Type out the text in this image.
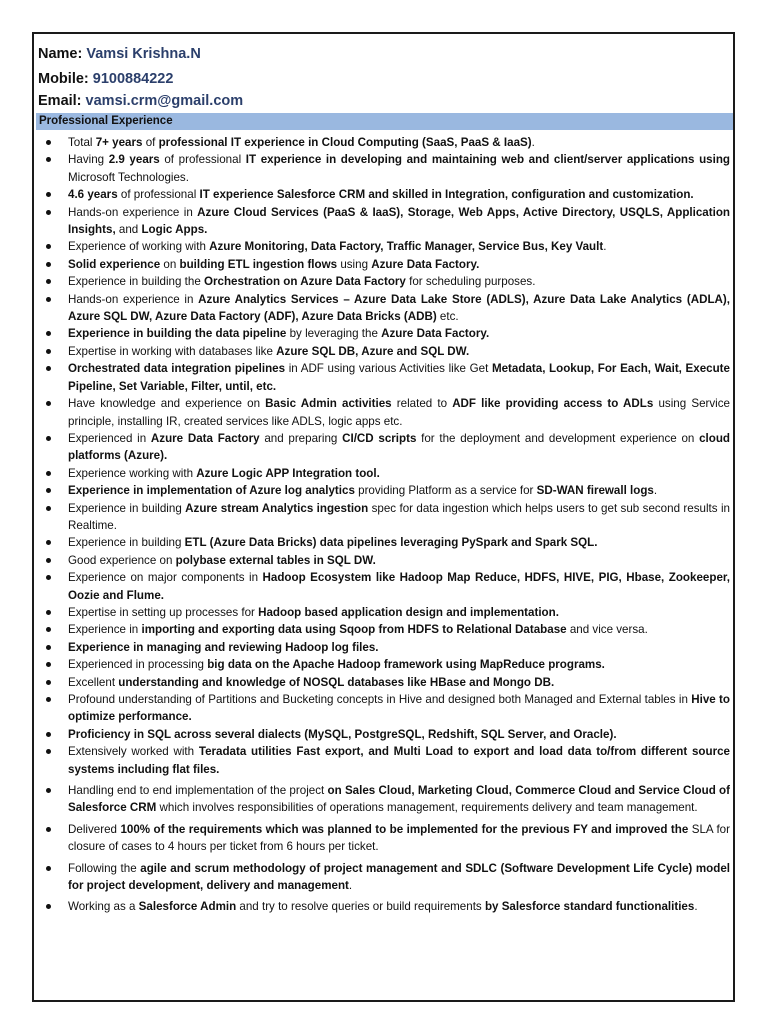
Name: Vamsi Krishna.N
Mobile: 9100884222
Email: vamsi.crm@gmail.com
Professional Experience
Total 7+ years of professional IT experience in Cloud Computing (SaaS, PaaS & IaaS).
Having 2.9 years of professional IT experience in developing and maintaining web and client/server applications using Microsoft Technologies.
4.6 years of professional IT experience Salesforce CRM and skilled in Integration, configuration and customization.
Hands-on experience in Azure Cloud Services (PaaS & IaaS), Storage, Web Apps, Active Directory, USQLS, Application Insights, and Logic Apps.
Experience of working with Azure Monitoring, Data Factory, Traffic Manager, Service Bus, Key Vault.
Solid experience on building ETL ingestion flows using Azure Data Factory.
Experience in building the Orchestration on Azure Data Factory for scheduling purposes.
Hands-on experience in Azure Analytics Services – Azure Data Lake Store (ADLS), Azure Data Lake Analytics (ADLA), Azure SQL DW, Azure Data Factory (ADF), Azure Data Bricks (ADB) etc.
Experience in building the data pipeline by leveraging the Azure Data Factory.
Expertise in working with databases like Azure SQL DB, Azure and SQL DW.
Orchestrated data integration pipelines in ADF using various Activities like Get Metadata, Lookup, For Each, Wait, Execute Pipeline, Set Variable, Filter, until, etc.
Have knowledge and experience on Basic Admin activities related to ADF like providing access to ADLs using Service principle, installing IR, created services like ADLS, logic apps etc.
Experienced in Azure Data Factory and preparing CI/CD scripts for the deployment and development experience on cloud platforms (Azure).
Experience working with Azure Logic APP Integration tool.
Experience in implementation of Azure log analytics providing Platform as a service for SD-WAN firewall logs.
Experience in building Azure stream Analytics ingestion spec for data ingestion which helps users to get sub second results in Realtime.
Experience in building ETL (Azure Data Bricks) data pipelines leveraging PySpark and Spark SQL.
Good experience on polybase external tables in SQL DW.
Experience on major components in Hadoop Ecosystem like Hadoop Map Reduce, HDFS, HIVE, PIG, Hbase, Zookeeper, Oozie and Flume.
Expertise in setting up processes for Hadoop based application design and implementation.
Experience in importing and exporting data using Sqoop from HDFS to Relational Database and vice versa.
Experience in managing and reviewing Hadoop log files.
Experienced in processing big data on the Apache Hadoop framework using MapReduce programs.
Excellent understanding and knowledge of NOSQL databases like HBase and Mongo DB.
Profound understanding of Partitions and Bucketing concepts in Hive and designed both Managed and External tables in Hive to optimize performance.
Proficiency in SQL across several dialects (MySQL, PostgreSQL, Redshift, SQL Server, and Oracle).
Extensively worked with Teradata utilities Fast export, and Multi Load to export and load data to/from different source systems including flat files.
Handling end to end implementation of the project on Sales Cloud, Marketing Cloud, Commerce Cloud and Service Cloud of Salesforce CRM which involves responsibilities of operations management, requirements delivery and team management.
Delivered 100% of the requirements which was planned to be implemented for the previous FY and improved the SLA for closure of cases to 4 hours per ticket from 6 hours per ticket.
Following the agile and scrum methodology of project management and SDLC (Software Development Life Cycle) model for project development, delivery and management.
Working as a Salesforce Admin and try to resolve queries or build requirements by Salesforce standard functionalities.
